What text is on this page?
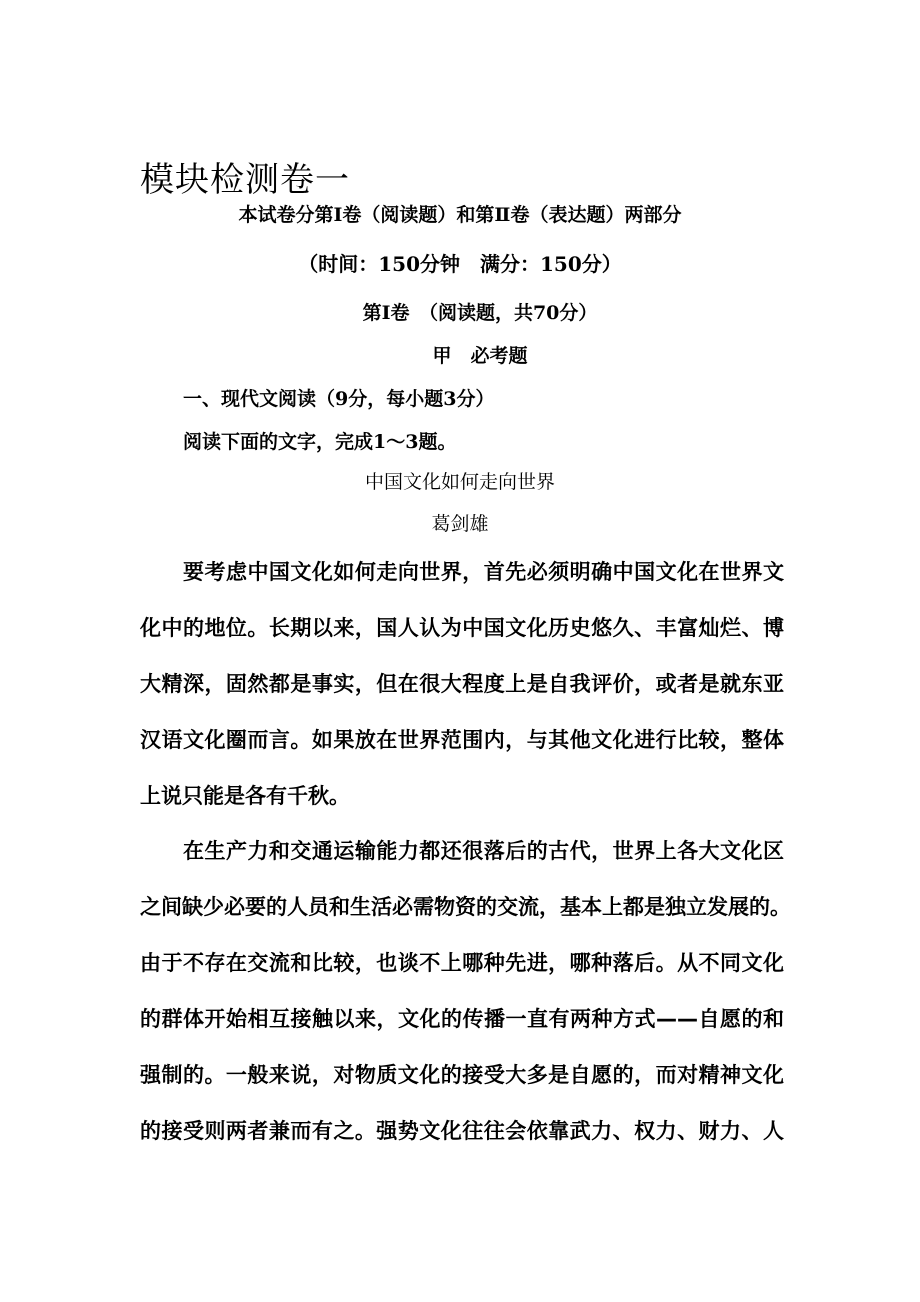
模块检测卷一
本试卷分第Ⅰ卷（阅读题）和第Ⅱ卷（表达题）两部分
（时间：150分钟　满分：150分）
第Ⅰ卷　（阅读题，共70分）
甲　必考题
一、现代文阅读（9分，每小题3分）
阅读下面的文字，完成1～3题。
中国文化如何走向世界
葛剑雄
要考虑中国文化如何走向世界，首先必须明确中国文化在世界文
化中的地位。长期以来，国人认为中国文化历史悠久、丰富灿烂、博
大精深，固然都是事实，但在很大程度上是自我评价，或者是就东亚
汉语文化圈而言。如果放在世界范围内，与其他文化进行比较，整体
上说只能是各有千秋。
在生产力和交通运输能力都还很落后的古代，世界上各大文化区
之间缺少必要的人员和生活必需物资的交流，基本上都是独立发展的。
由于不存在交流和比较，也谈不上哪种先进，哪种落后。从不同文化
的群体开始相互接触以来，文化的传播一直有两种方式——自愿的和
强制的。一般来说，对物质文化的接受大多是自愿的，而对精神文化
的接受则两者兼而有之。强势文化往往会依靠武力、权力、财力、人
